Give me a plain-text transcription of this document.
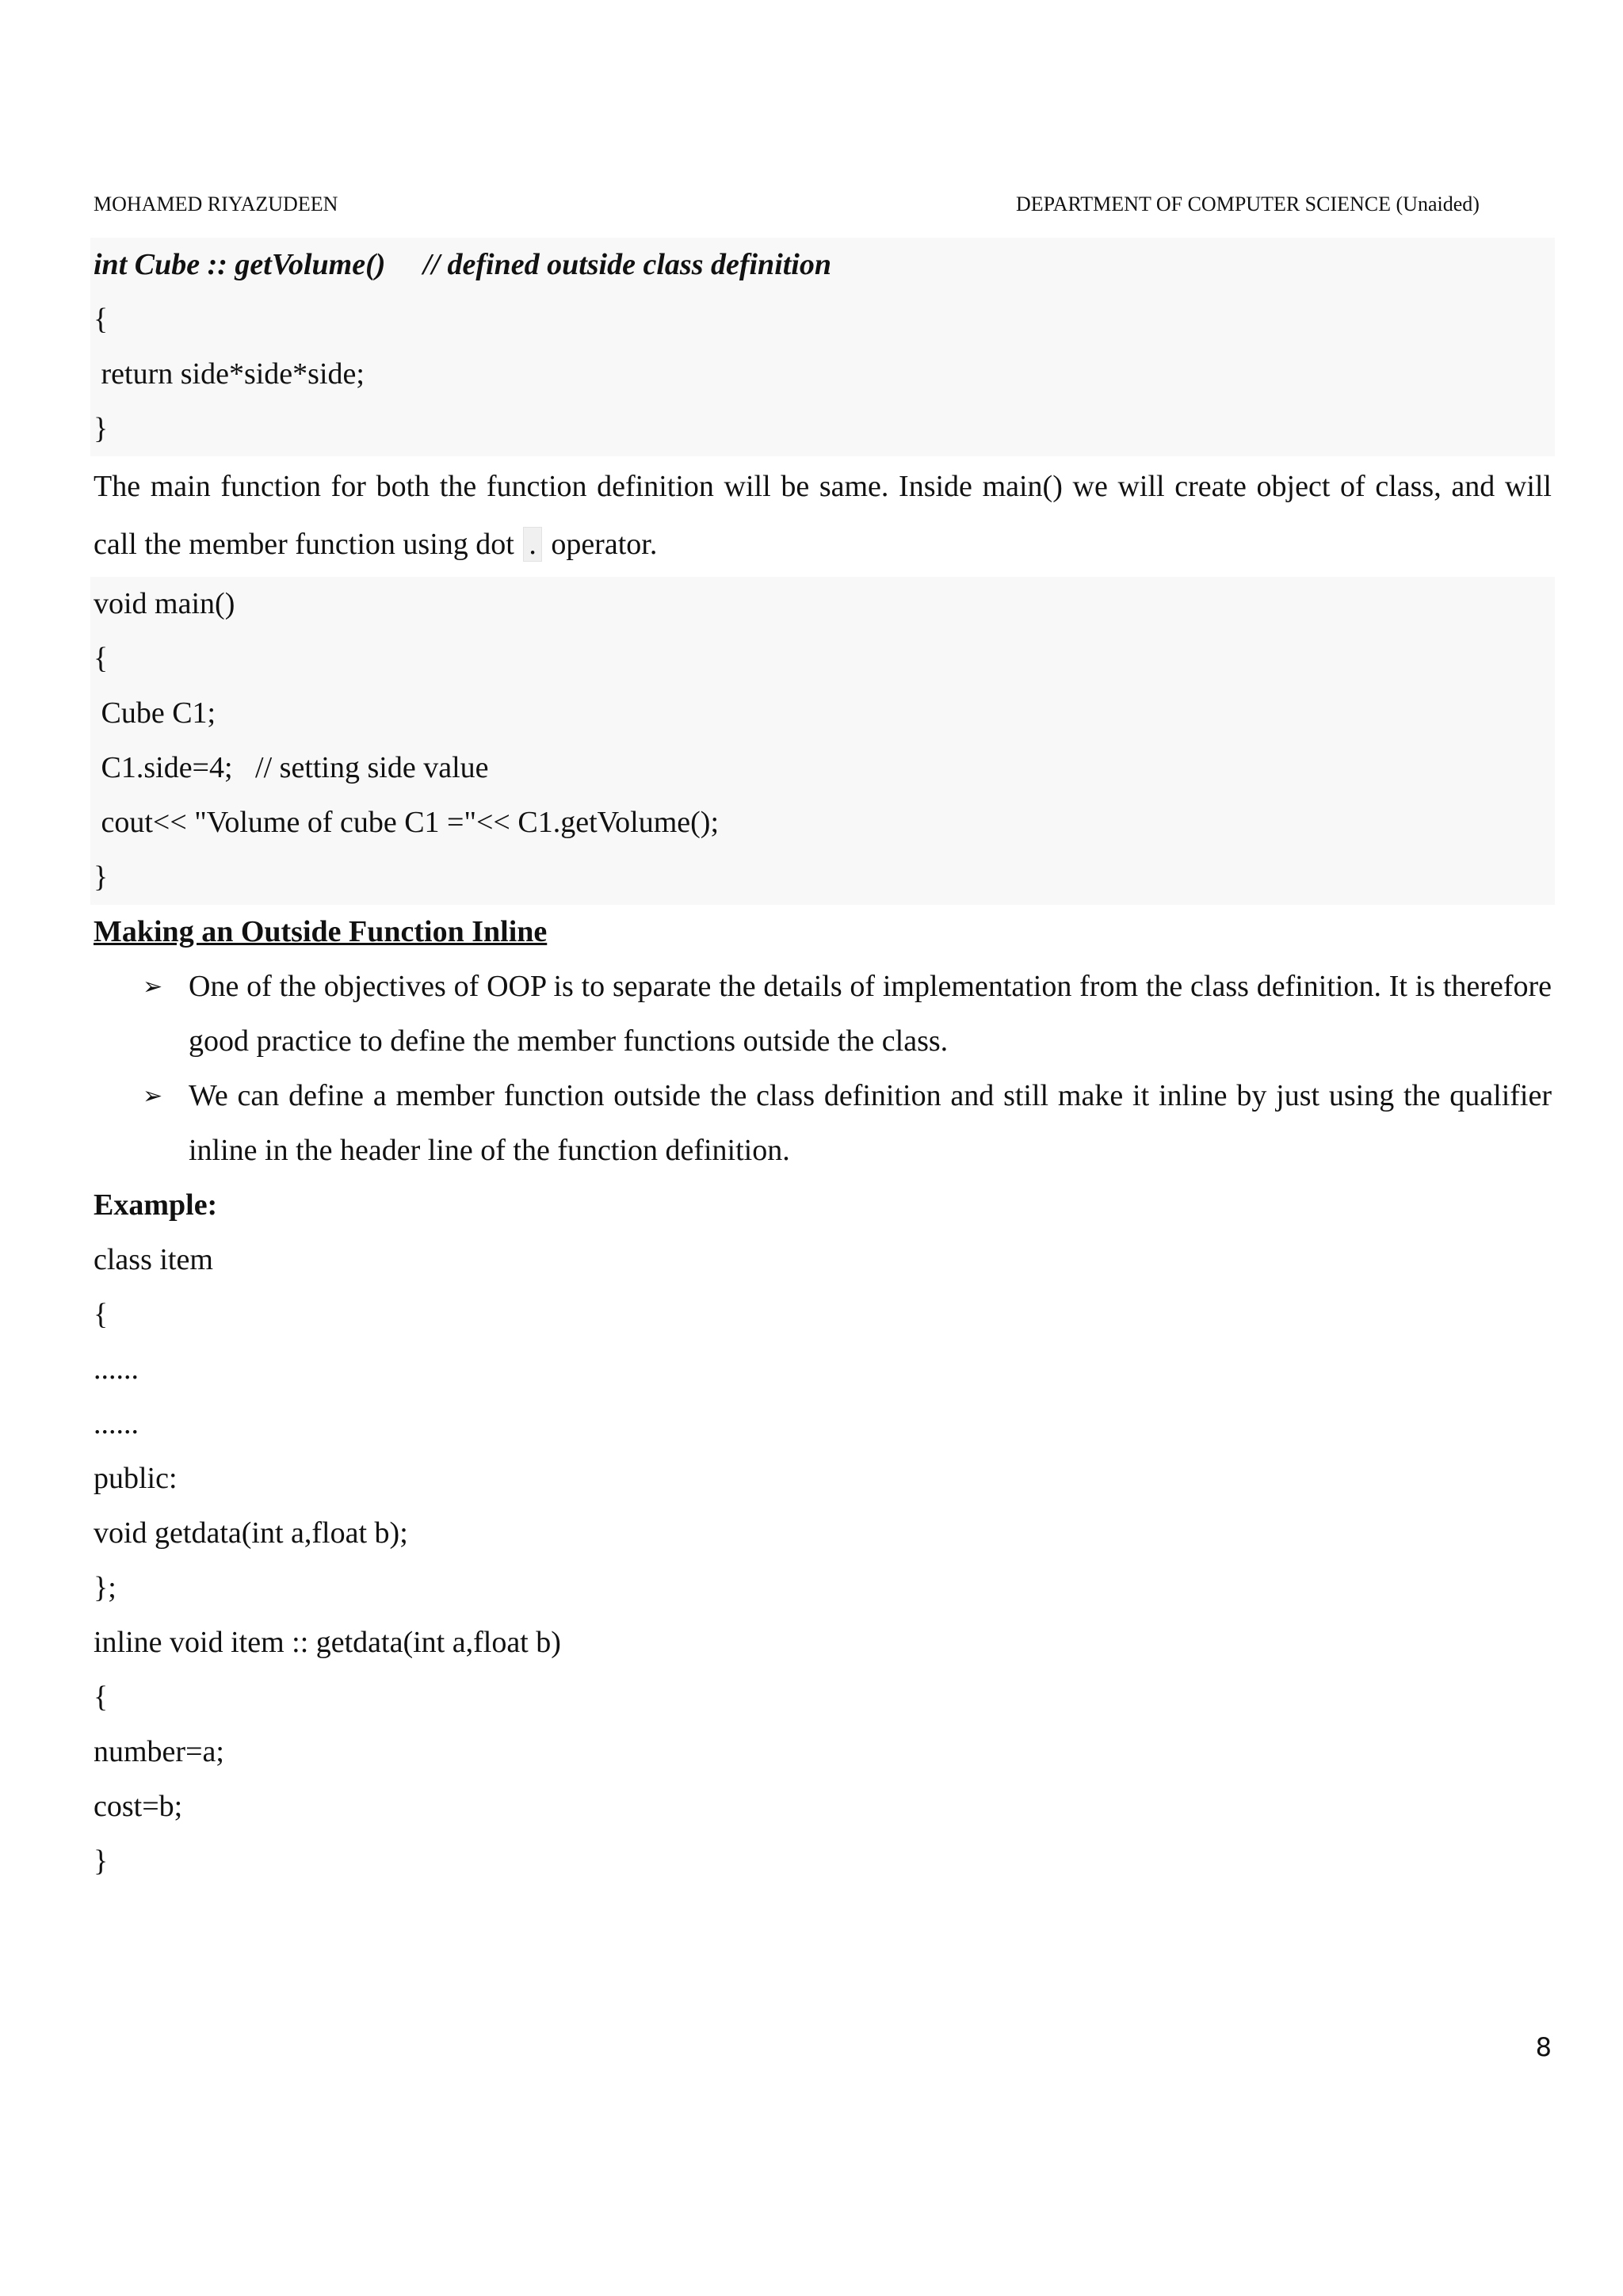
MOHAMED RIYAZUDEEN	DEPARTMENT OF COMPUTER SCIENCE (Unaided)
int Cube :: getVolume()     // defined outside class definition
{
return side*side*side;
}

The main function for both the function definition will be same. Inside main() we will create object of class, and will call the member function using dot . operator.

void main()
{
Cube C1;
C1.side=4;   // setting side value
cout<< "Volume of cube C1 ="<< C1.getVolume();
}
Making an Outside Function Inline
➢ One of the objectives of OOP is to separate the details of implementation from the class definition. It is therefore good practice to define the member functions outside the class.
➢ We can define a member function outside the class definition and still make it inline by just using the qualifier inline in the header line of the function definition.
Example:
class item
{
......
......
public:
void getdata(int a,float b);
};
inline void item :: getdata(int a,float b)
{
number=a;
cost=b;
}
8
